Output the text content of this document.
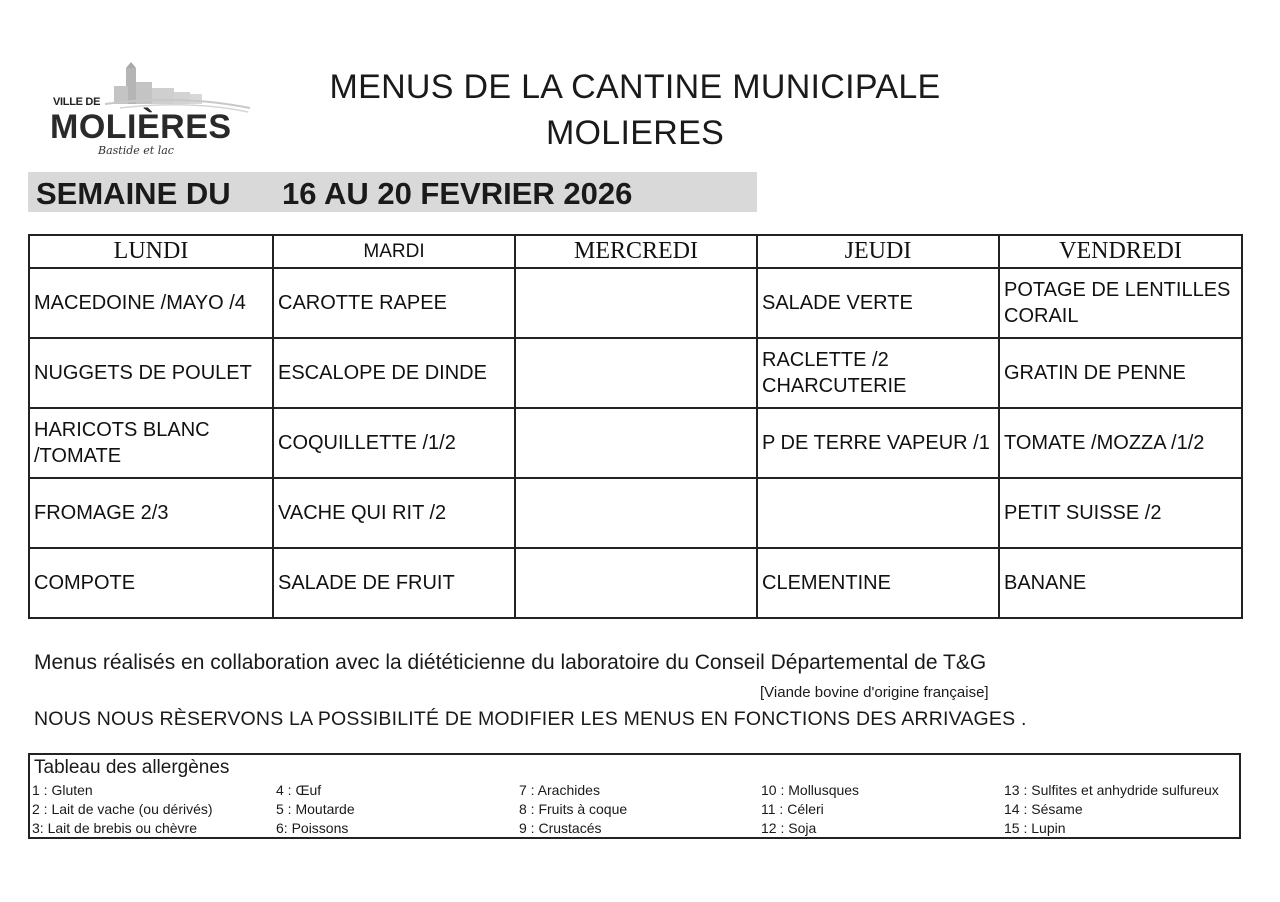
VILLE DE
MOLIÈRES
Bastide et lac
MENUS DE LA CANTINE MUNICIPALE
MOLIERES
SEMAINE DU 16 AU 20 FEVRIER 2026
LUNDI	MARDI	MERCREDI	JEUDI	VENDREDI
MACEDOINE /MAYO /4	CAROTTE RAPEE		SALADE VERTE	POTAGE DE LENTILLES CORAIL
NUGGETS DE POULET	ESCALOPE DE DINDE		RACLETTE /2 CHARCUTERIE	GRATIN DE PENNE
HARICOTS BLANC /TOMATE	COQUILLETTE /1/2		P DE TERRE VAPEUR /1	TOMATE /MOZZA /1/2
FROMAGE 2/3	VACHE QUI RIT /2			PETIT SUISSE /2
COMPOTE	SALADE DE FRUIT		CLEMENTINE	BANANE
Menus réalisés en collaboration avec la diététicienne du laboratoire du Conseil Départemental de T&G
[Viande bovine d'origine française]
NOUS NOUS RÈSERVONS LA POSSIBILITÉ DE MODIFIER LES MENUS EN FONCTIONS DES ARRIVAGES .
Tableau des allergènes
1 : Gluten
2 : Lait de vache (ou dérivés)
3: Lait de brebis ou chèvre
4 : Œuf
5 : Moutarde
6: Poissons
7 : Arachides
8 : Fruits à coque
9 : Crustacés
10 : Mollusques
11 : Céleri
12 : Soja
13 : Sulfites et anhydride sulfureux
14 : Sésame
15 : Lupin
